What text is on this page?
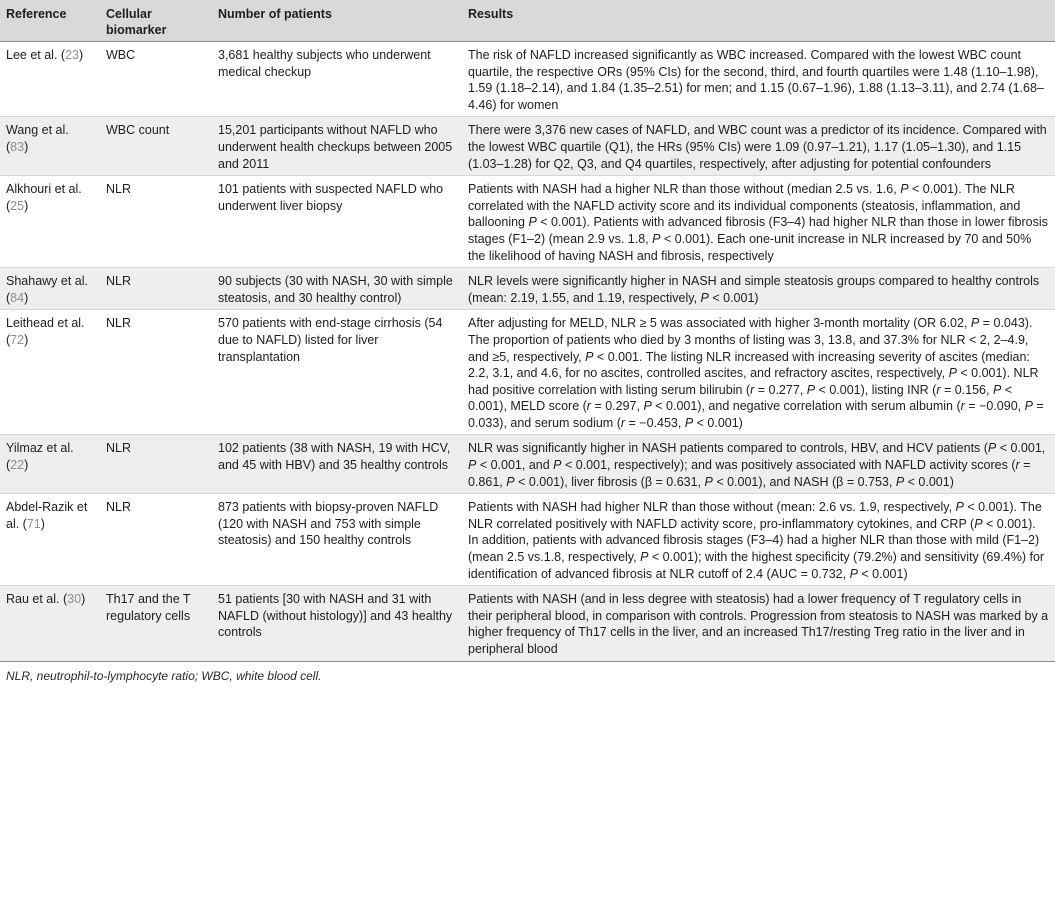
Reference	Cellular biomarker	Number of patients	Results
Lee et al. (23)	WBC	3,681 healthy subjects who underwent medical checkup	The risk of NAFLD increased significantly as WBC increased. Compared with the lowest WBC count quartile, the respective ORs (95% CIs) for the second, third, and fourth quartiles were 1.48 (1.10–1.98), 1.59 (1.18–2.14), and 1.84 (1.35–2.51) for men; and 1.15 (0.67–1.96), 1.88 (1.13–3.11), and 2.74 (1.68–4.46) for women
Wang et al. (83)	WBC count	15,201 participants without NAFLD who underwent health checkups between 2005 and 2011	There were 3,376 new cases of NAFLD, and WBC count was a predictor of its incidence. Compared with the lowest WBC quartile (Q1), the HRs (95% CIs) were 1.09 (0.97–1.21), 1.17 (1.05–1.30), and 1.15 (1.03–1.28) for Q2, Q3, and Q4 quartiles, respectively, after adjusting for potential confounders
Alkhouri et al. (25)	NLR	101 patients with suspected NAFLD who underwent liver biopsy	Patients with NASH had a higher NLR than those without (median 2.5 vs. 1.6, P < 0.001). The NLR correlated with the NAFLD activity score and its individual components (steatosis, inflammation, and ballooning P < 0.001). Patients with advanced fibrosis (F3–4) had higher NLR than those in lower fibrosis stages (F1–2) (mean 2.9 vs. 1.8, P < 0.001). Each one-unit increase in NLR increased by 70 and 50% the likelihood of having NASH and fibrosis, respectively
Shahawy et al. (84)	NLR	90 subjects (30 with NASH, 30 with simple steatosis, and 30 healthy control)	NLR levels were significantly higher in NASH and simple steatosis groups compared to healthy controls (mean: 2.19, 1.55, and 1.19, respectively, P < 0.001)
Leithead et al. (72)	NLR	570 patients with end-stage cirrhosis (54 due to NAFLD) listed for liver transplantation	After adjusting for MELD, NLR ≥ 5 was associated with higher 3-month mortality (OR 6.02, P = 0.043). The proportion of patients who died by 3 months of listing was 3, 13.8, and 37.3% for NLR < 2, 2–4.9, and ≥5, respectively, P < 0.001. The listing NLR increased with increasing severity of ascites (median: 2.2, 3.1, and 4.6, for no ascites, controlled ascites, and refractory ascites, respectively, P < 0.001). NLR had positive correlation with listing serum bilirubin (r = 0.277, P < 0.001), listing INR (r = 0.156, P < 0.001), MELD score (r = 0.297, P < 0.001), and negative correlation with serum albumin (r = −0.090, P = 0.033), and serum sodium (r = −0.453, P < 0.001)
Yilmaz et al. (22)	NLR	102 patients (38 with NASH, 19 with HCV, and 45 with HBV) and 35 healthy controls	NLR was significantly higher in NASH patients compared to controls, HBV, and HCV patients (P < 0.001, P < 0.001, and P < 0.001, respectively); and was positively associated with NAFLD activity scores (r = 0.861, P < 0.001), liver fibrosis (β = 0.631, P < 0.001), and NASH (β = 0.753, P < 0.001)
Abdel-Razik et al. (71)	NLR	873 patients with biopsy-proven NAFLD (120 with NASH and 753 with simple steatosis) and 150 healthy controls	Patients with NASH had higher NLR than those without (mean: 2.6 vs. 1.9, respectively, P < 0.001). The NLR correlated positively with NAFLD activity score, pro-inflammatory cytokines, and CRP (P < 0.001). In addition, patients with advanced fibrosis stages (F3–4) had a higher NLR than those with mild (F1–2) (mean 2.5 vs.1.8, respectively, P < 0.001); with the highest specificity (79.2%) and sensitivity (69.4%) for identification of advanced fibrosis at NLR cutoff of 2.4 (AUC = 0.732, P < 0.001)
Rau et al. (30)	Th17 and the T regulatory cells	51 patients [30 with NASH and 31 with NAFLD (without histology)] and 43 healthy controls	Patients with NASH (and in less degree with steatosis) had a lower frequency of T regulatory cells in their peripheral blood, in comparison with controls. Progression from steatosis to NASH was marked by a higher frequency of Th17 cells in the liver, and an increased Th17/resting Treg ratio in the liver and in peripheral blood
NLR, neutrophil-to-lymphocyte ratio; WBC, white blood cell.
